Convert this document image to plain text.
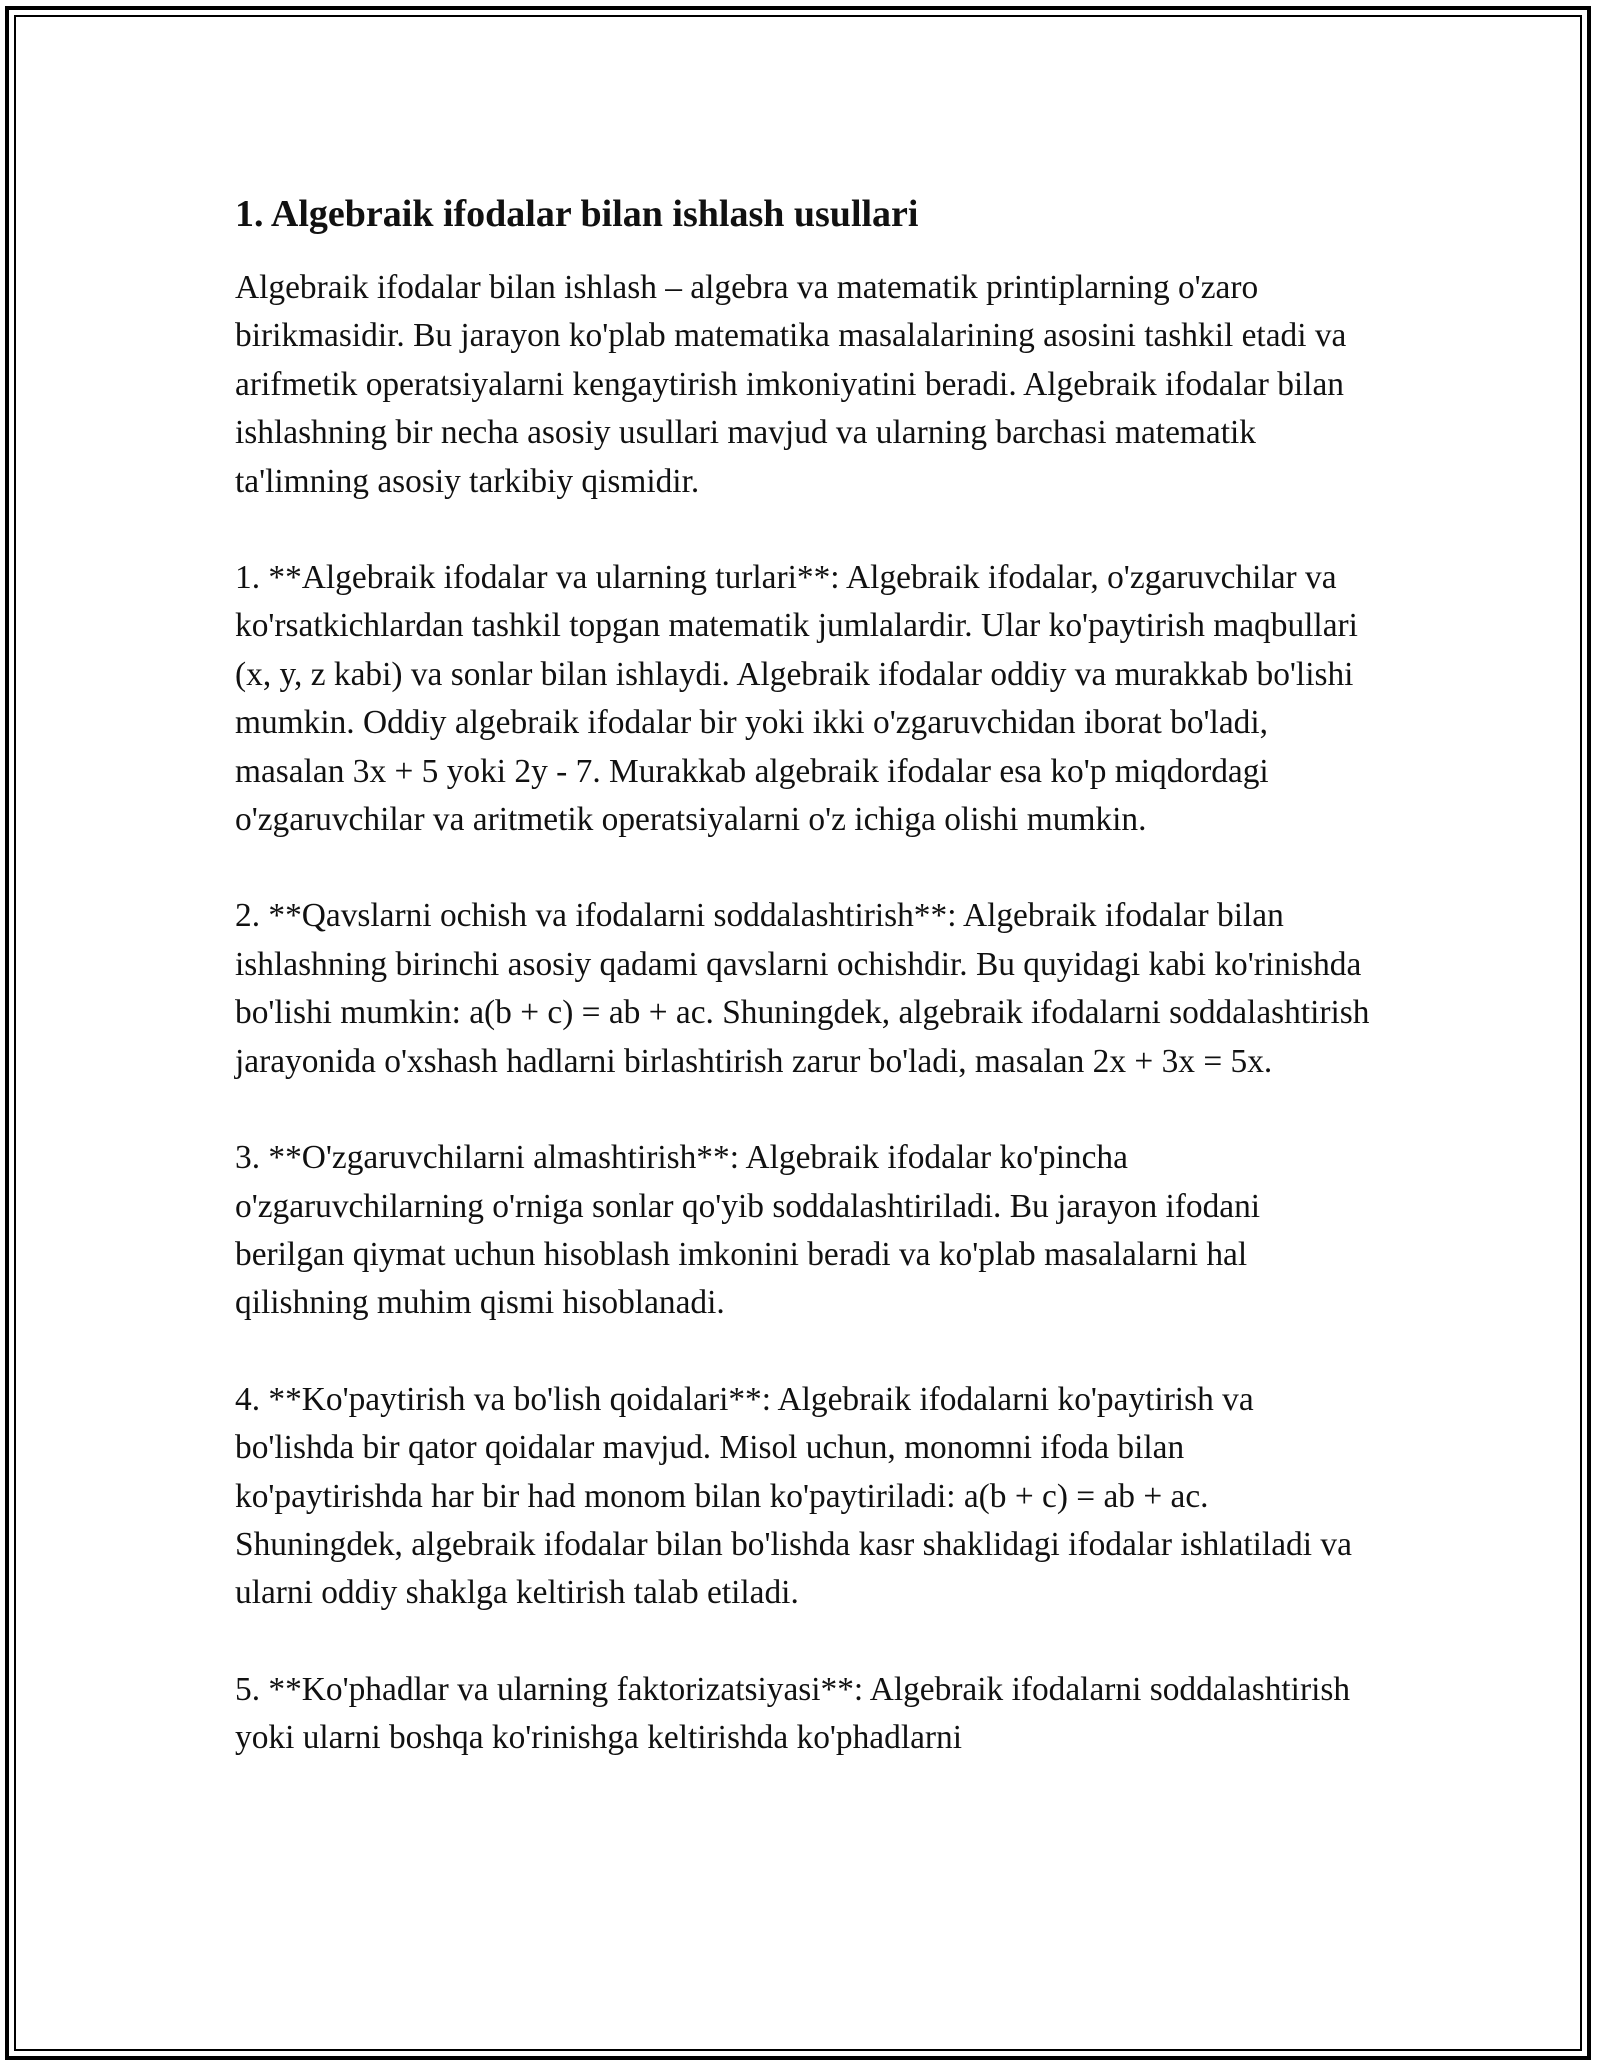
1. Algebraik ifodalar bilan ishlash usullari

Algebraik ifodalar bilan ishlash – algebra va matematik printiplarning o'zaro birikmasidir. Bu jarayon ko'plab matematika masalalarining asosini tashkil etadi va arifmetik operatsiyalarni kengaytirish imkoniyatini beradi. Algebraik ifodalar bilan ishlashning bir necha asosiy usullari mavjud va ularning barchasi matematik ta'limning asosiy tarkibiy qismidir.

1. **Algebraik ifodalar va ularning turlari**: Algebraik ifodalar, o'zgaruvchilar va ko'rsatkichlardan tashkil topgan matematik jumlalardir. Ular ko'paytirish maqbullari (x, y, z kabi) va sonlar bilan ishlaydi. Algebraik ifodalar oddiy va murakkab bo'lishi mumkin. Oddiy algebraik ifodalar bir yoki ikki o'zgaruvchidan iborat bo'ladi, masalan 3x + 5 yoki 2y - 7. Murakkab algebraik ifodalar esa ko'p miqdordagi o'zgaruvchilar va aritmetik operatsiyalarni o'z ichiga olishi mumkin.

2. **Qavslarni ochish va ifodalarni soddalashtirish**: Algebraik ifodalar bilan ishlashning birinchi asosiy qadami qavslarni ochishdir. Bu quyidagi kabi ko'rinishda bo'lishi mumkin: a(b + c) = ab + ac. Shuningdek, algebraik ifodalarni soddalashtirish jarayonida o'xshash hadlarni birlashtirish zarur bo'ladi, masalan 2x + 3x = 5x.

3. **O'zgaruvchilarni almashtirish**: Algebraik ifodalar ko'pincha o'zgaruvchilarning o'rniga sonlar qo'yib soddalashtiriladi. Bu jarayon ifodani berilgan qiymat uchun hisoblash imkonini beradi va ko'plab masalalarni hal qilishning muhim qismi hisoblanadi.

4. **Ko'paytirish va bo'lish qoidalari**: Algebraik ifodalarni ko'paytirish va bo'lishda bir qator qoidalar mavjud. Misol uchun, monomni ifoda bilan ko'paytirishda har bir had monom bilan ko'paytiriladi: a(b + c) = ab + ac. Shuningdek, algebraik ifodalar bilan bo'lishda kasr shaklidagi ifodalar ishlatiladi va ularni oddiy shaklga keltirish talab etiladi.

5. **Ko'phadlar va ularning faktorizatsiyasi**: Algebraik ifodalarni soddalashtirish yoki ularni boshqa ko'rinishga keltirishda ko'phadlarni
